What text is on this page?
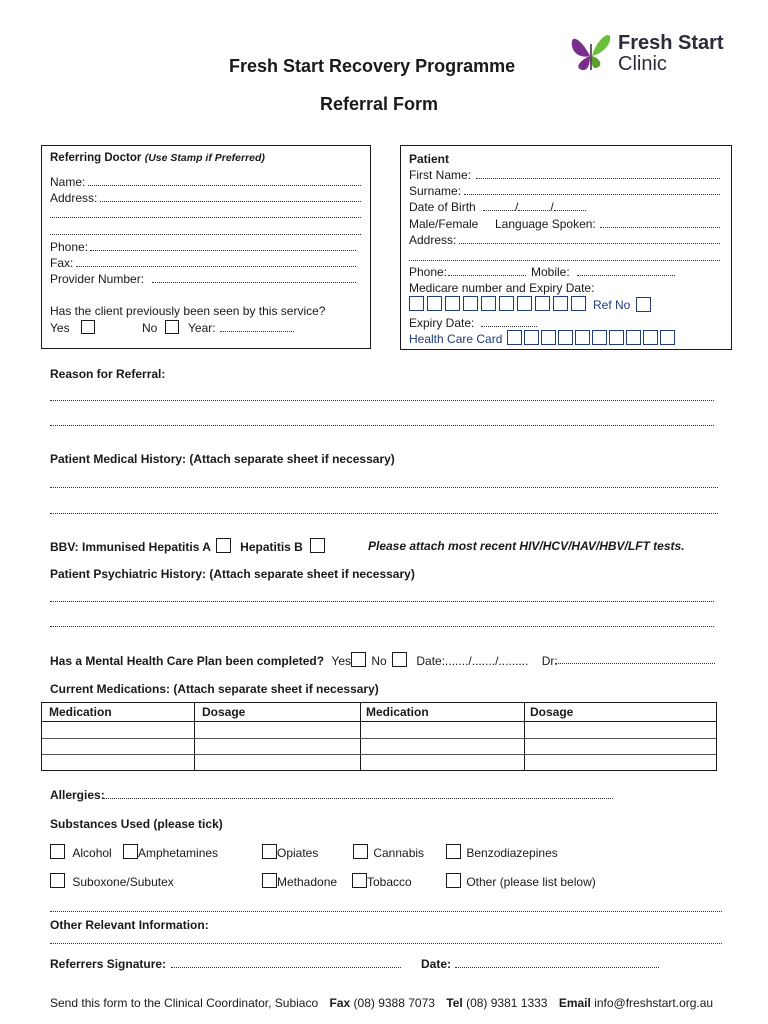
Fresh Start Recovery Programme
Referral Form
Fresh Start
Clinic
Referring Doctor (Use Stamp if Preferred)
Name:
Address:
Phone:
Fax:
Provider Number:
Has the client previously been seen by this service?
Yes	No	Year:
Patient
First Name:
Surname:
Date of Birth	/	/
Male/Female Language Spoken:
Address:
Phone:	Mobile:
Medicare number and Expiry Date:
Ref No
Expiry Date:
Health Care Card
Reason for Referral:
Patient Medical History: (Attach separate sheet if necessary)
BBV: Immunised Hepatitis A Hepatitis B	Please attach most recent HIV/HCV/HAV/HBV/LFT tests.
Patient Psychiatric History: (Attach separate sheet if necessary)
Has a Mental Health Care Plan been completed? Yes No Date:......./......./......... Dr:
Current Medications: (Attach separate sheet if necessary)
Medication	Dosage	Medication	Dosage
Allergies:
Substances Used (please tick)
Alcohol	Amphetamines	Opiates	Cannabis	Benzodiazepines
Suboxone/Subutex	Methadone	Tobacco	Other (please list below)
Other Relevant Information:
Referrers Signature:	Date:
Send this form to the Clinical Coordinator, Subiaco Fax (08) 9388 7073 Tel (08) 9381 1333 Email info@freshstart.org.au
